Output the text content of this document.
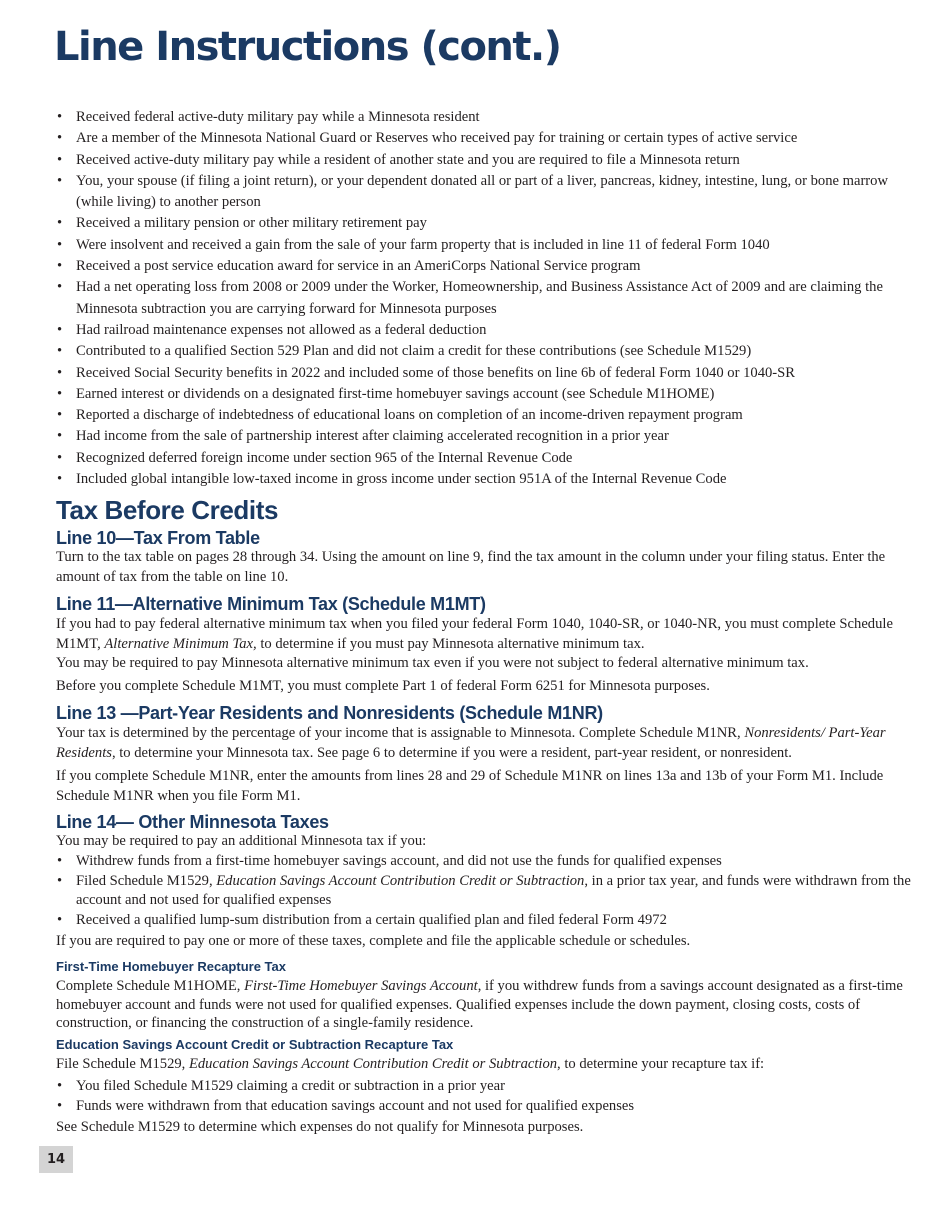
Line Instructions (cont.)
• Received federal active-duty military pay while a Minnesota resident
• Are a member of the Minnesota National Guard or Reserves who received pay for training or certain types of active service
• Received active-duty military pay while a resident of another state and you are required to file a Minnesota return
• You, your spouse (if filing a joint return), or your dependent donated all or part of a liver, pancreas, kidney, intestine, lung, or bone marrow (while living) to another person
• Received a military pension or other military retirement pay
• Were insolvent and received a gain from the sale of your farm property that is included in line 11 of federal Form 1040
• Received a post service education award for service in an AmeriCorps National Service program
• Had a net operating loss from 2008 or 2009 under the Worker, Homeownership, and Business Assistance Act of 2009 and are claiming the Minnesota subtraction you are carrying forward for Minnesota purposes
• Had railroad maintenance expenses not allowed as a federal deduction
• Contributed to a qualified Section 529 Plan and did not claim a credit for these contributions (see Schedule M1529)
• Received Social Security benefits in 2022 and included some of those benefits on line 6b of federal Form 1040 or 1040-SR
• Earned interest or dividends on a designated first-time homebuyer savings account (see Schedule M1HOME)
• Reported a discharge of indebtedness of educational loans on completion of an income-driven repayment program
• Had income from the sale of partnership interest after claiming accelerated recognition in a prior year
• Recognized deferred foreign income under section 965 of the Internal Revenue Code
• Included global intangible low-taxed income in gross income under section 951A of the Internal Revenue Code
Tax Before Credits
Line 10—Tax From Table

Turn to the tax table on pages 28 through 34. Using the amount on line 9, find the tax amount in the column under your filing status. Enter the amount of tax from the table on line 10.

Line 11—Alternative Minimum Tax (Schedule M1MT)

If you had to pay federal alternative minimum tax when you filed your federal Form 1040, 1040-SR, or 1040-NR, you must complete Schedule M1MT, Alternative Minimum Tax, to determine if you must pay Minnesota alternative minimum tax.

You may be required to pay Minnesota alternative minimum tax even if you were not subject to federal alternative minimum tax.

Before you complete Schedule M1MT, you must complete Part 1 of federal Form 6251 for Minnesota purposes.

Line 13 —Part-Year Residents and Nonresidents (Schedule M1NR)

Your tax is determined by the percentage of your income that is assignable to Minnesota. Complete Schedule M1NR, Nonresidents/ Part-Year Residents, to determine your Minnesota tax. See page 6 to determine if you were a resident, part-year resident, or nonresident.

If you complete Schedule M1NR, enter the amounts from lines 28 and 29 of Schedule M1NR on lines 13a and 13b of your Form M1. Include Schedule M1NR when you file Form M1.

Line 14— Other Minnesota Taxes

You may be required to pay an additional Minnesota tax if you:

• Withdrew funds from a first-time homebuyer savings account, and did not use the funds for qualified expenses
• Filed Schedule M1529, Education Savings Account Contribution Credit or Subtraction, in a prior tax year, and funds were withdrawn from the account and not used for qualified expenses
• Received a qualified lump-sum distribution from a certain qualified plan and filed federal Form 4972

If you are required to pay one or more of these taxes, complete and file the applicable schedule or schedules.

First-Time Homebuyer Recapture Tax

Complete Schedule M1HOME, First-Time Homebuyer Savings Account, if you withdrew funds from a savings account designated as a first-time homebuyer account and funds were not used for qualified expenses. Qualified expenses include the down payment, closing costs, costs of construction, or financing the construction of a single-family residence.

Education Savings Account Credit or Subtraction Recapture Tax

File Schedule M1529, Education Savings Account Contribution Credit or Subtraction, to determine your recapture tax if:

• You filed Schedule M1529 claiming a credit or subtraction in a prior year
• Funds were withdrawn from that education savings account and not used for qualified expenses

See Schedule M1529 to determine which expenses do not qualify for Minnesota purposes.

14
